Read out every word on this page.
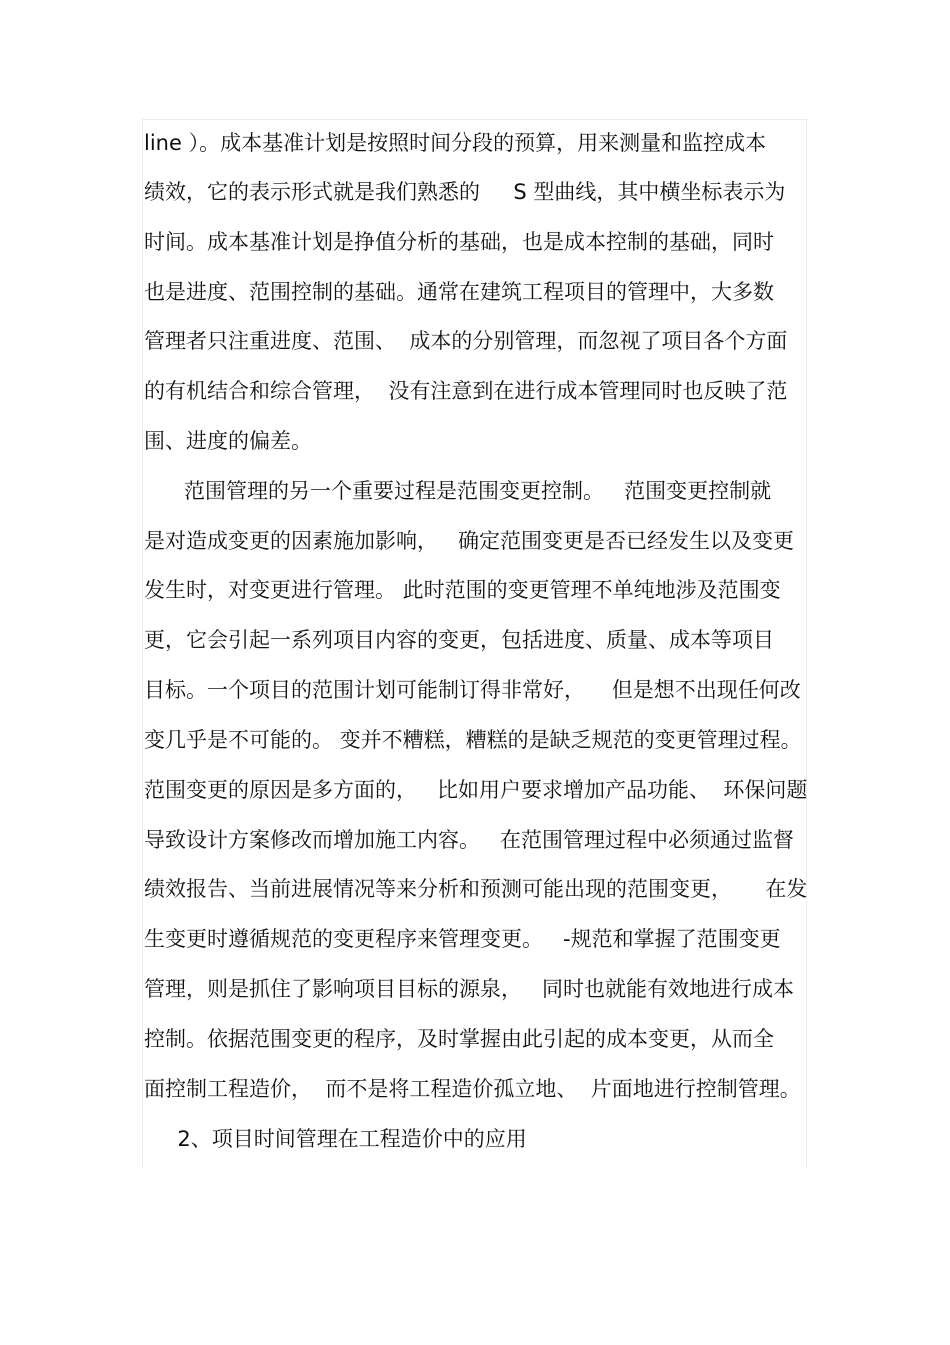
line ）。成本基准计划是按照时间分段的预算，用来测量和监控成本
绩效，它的表示形式就是我们熟悉的     S 型曲线，其中横坐标表示为
时间。成本基准计划是挣值分析的基础，也是成本控制的基础，同时
也是进度、范围控制的基础。通常在建筑工程项目的管理中，大多数
管理者只注重进度、范围、  成本的分别管理，而忽视了项目各个方面
的有机结合和综合管理，  没有注意到在进行成本管理同时也反映了范
围、进度的偏差。
范围管理的另一个重要过程是范围变更控制。   范围变更控制就
是对造成变更的因素施加影响，   确定范围变更是否已经发生以及变更
发生时，对变更进行管理。 此时范围的变更管理不单纯地涉及范围变
更，它会引起一系列项目内容的变更，包括进度、质量、成本等项目
目标。一个项目的范围计划可能制订得非常好，    但是想不出现任何改
变几乎是不可能的。 变并不糟糕，糟糕的是缺乏规范的变更管理过程。
范围变更的原因是多方面的，   比如用户要求增加产品功能、  环保问题
导致设计方案修改而增加施工内容。   在范围管理过程中必须通过监督
绩效报告、当前进展情况等来分析和预测可能出现的范围变更，     在发
生变更时遵循规范的变更程序来管理变更。   -规范和掌握了范围变更
管理，则是抓住了影响项目目标的源泉，   同时也就能有效地进行成本
控制。依据范围变更的程序，及时掌握由此引起的成本变更，从而全
面控制工程造价，  而不是将工程造价孤立地、  片面地进行控制管理。
2、项目时间管理在工程造价中的应用
